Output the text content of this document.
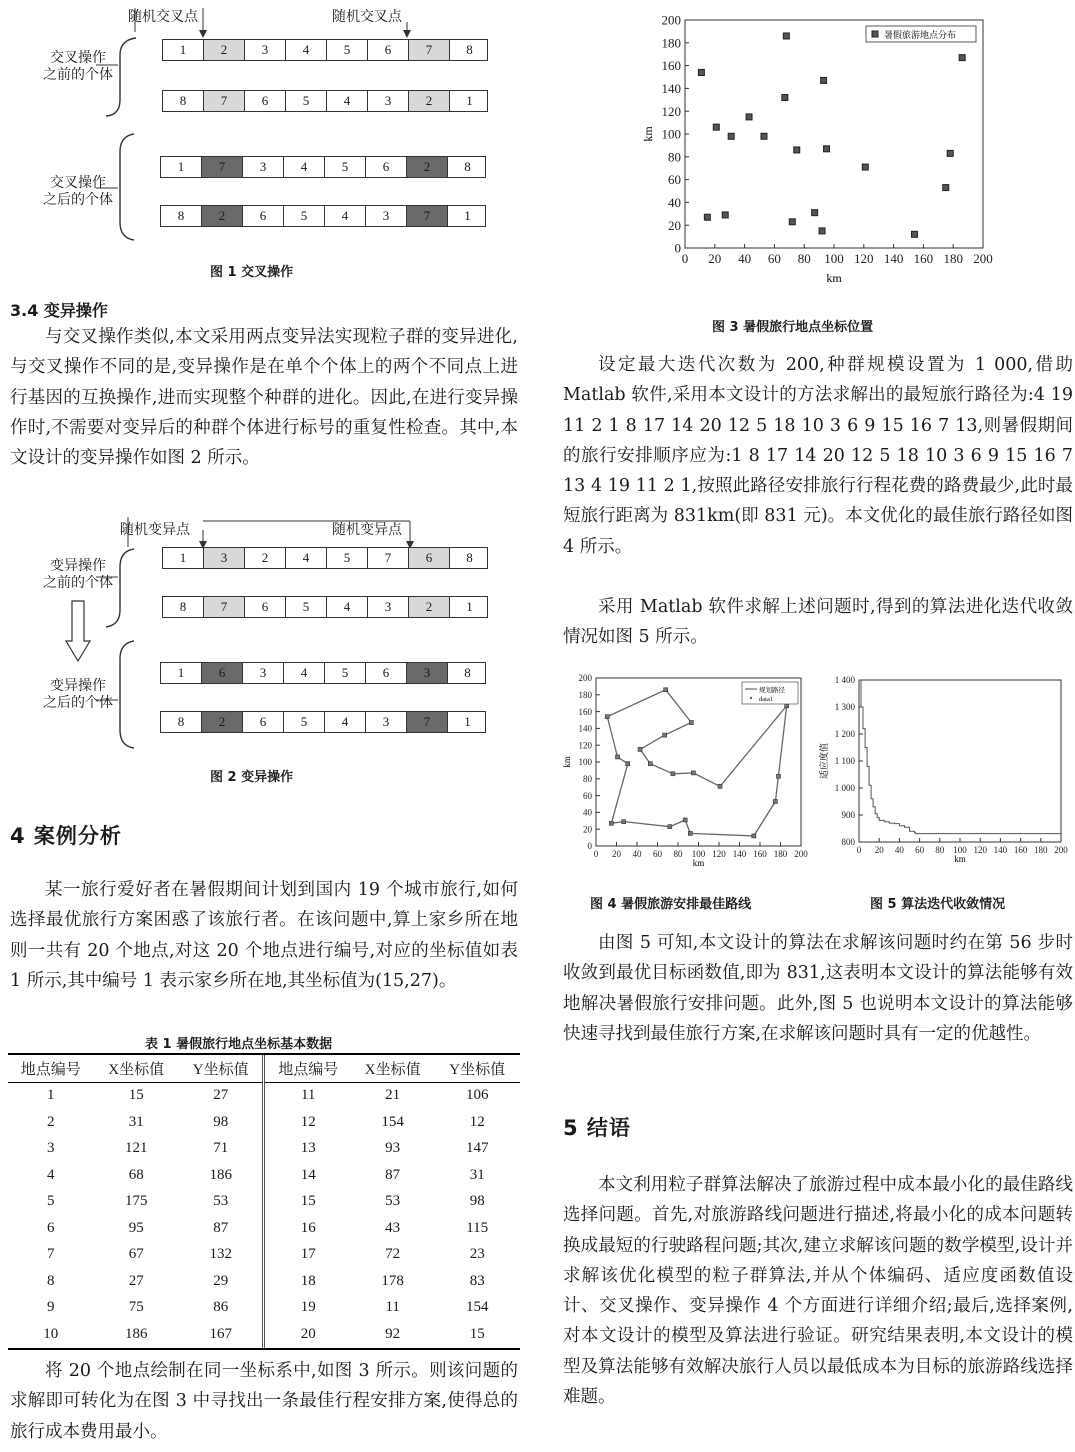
随机交叉点	随机交叉点
交叉操作
之前的个体
交叉操作
之后的个体
1	2	3	4	5	6	7	8
8	7	6	5	4	3	2	1
1	7	3	4	5	6	2	8
8	2	6	5	4	3	7	1
图 1 交叉操作
3.4 变异操作
与交叉操作类似,本文采用两点变异法实现粒子群的变异进化,与交叉操作不同的是,变异操作是在单个个体上的两个不同点上进行基因的互换操作,进而实现整个种群的进化。因此,在进行变异操作时,不需要对变异后的种群个体进行标号的重复性检查。其中,本文设计的变异操作如图 2 所示。
随机变异点	随机变异点
变异操作
之前的个体
变异操作
之后的个体
1	3	2	4	5	7	6	8
8	7	6	5	4	3	2	1
1	6	3	4	5	6	3	8
8	2	6	5	4	3	7	1
图 2 变异操作
4 案例分析
某一旅行爱好者在暑假期间计划到国内 19 个城市旅行,如何选择最优旅行方案困惑了该旅行者。在该问题中,算上家乡所在地则一共有 20 个地点,对这 20 个地点进行编号,对应的坐标值如表 1 所示,其中编号 1 表示家乡所在地,其坐标值为(15,27)。
表 1 暑假旅行地点坐标基本数据
地点编号	X坐标值	Y坐标值	地点编号	X坐标值	Y坐标值
1	15	27	11	21	106
2	31	98	12	154	12
3	121	71	13	93	147
4	68	186	14	87	31
5	175	53	15	53	98
6	95	87	16	43	115
7	67	132	17	72	23
8	27	29	18	178	83
9	75	86	19	11	154
10	186	167	20	92	15
将 20 个地点绘制在同一坐标系中,如图 3 所示。则该问题的求解即可转化为在图 3 中寻找出一条最佳行程安排方案,使得总的旅行成本费用最小。
0 20 40 60 80 100 120 140 160 180 200
0
20
40
60
80
100
120
140
160
180
200
km
km
暑假旅游地点分布
图 3 暑假旅行地点坐标位置
设定最大迭代次数为 200,种群规模设置为 1 000,借助 Matlab 软件,采用本文设计的方法求解出的最短旅行路径为:4 19 11 2 1 8 17 14 20 12 5 18 10 3 6 9 15 16 7 13,则暑假期间的旅行安排顺序应为:1 8 17 14 20 12 5 18 10 3 6 9 15 16 7 13 4 19 11 2 1,按照此路径安排旅行行程花费的路费最少,此时最短旅行距离为 831km(即 831 元)。本文优化的最佳旅行路径如图 4 所示。
采用 Matlab 软件求解上述问题时,得到的算法进化迭代收敛情况如图 5 所示。
0 20 40 60 80 100 120 140 160 180 200
0
20
40
60
80
100
120
140
160
180
200
km
km
规划路径
data1
0 20 40 60 80 100 120 140 160 180 200
800
900
1 000
1 100
1 200
1 300
1 400
km
适应度值
图 4 暑假旅游安排最佳路线	图 5 算法迭代收敛情况
由图 5 可知,本文设计的算法在求解该问题时约在第 56 步时收敛到最优目标函数值,即为 831,这表明本文设计的算法能够有效地解决暑假旅行安排问题。此外,图 5 也说明本文设计的算法能够快速寻找到最佳旅行方案,在求解该问题时具有一定的优越性。
5 结语
本文利用粒子群算法解决了旅游过程中成本最小化的最佳路线选择问题。首先,对旅游路线问题进行描述,将最小化的成本问题转换成最短的行驶路程问题;其次,建立求解该问题的数学模型,设计并求解该优化模型的粒子群算法,并从个体编码、适应度函数值设计、交叉操作、变异操作 4 个方面进行详细介绍;最后,选择案例,对本文设计的模型及算法进行验证。研究结果表明,本文设计的模型及算法能够有效解决旅行人员以最低成本为目标的旅游路线选择难题。
